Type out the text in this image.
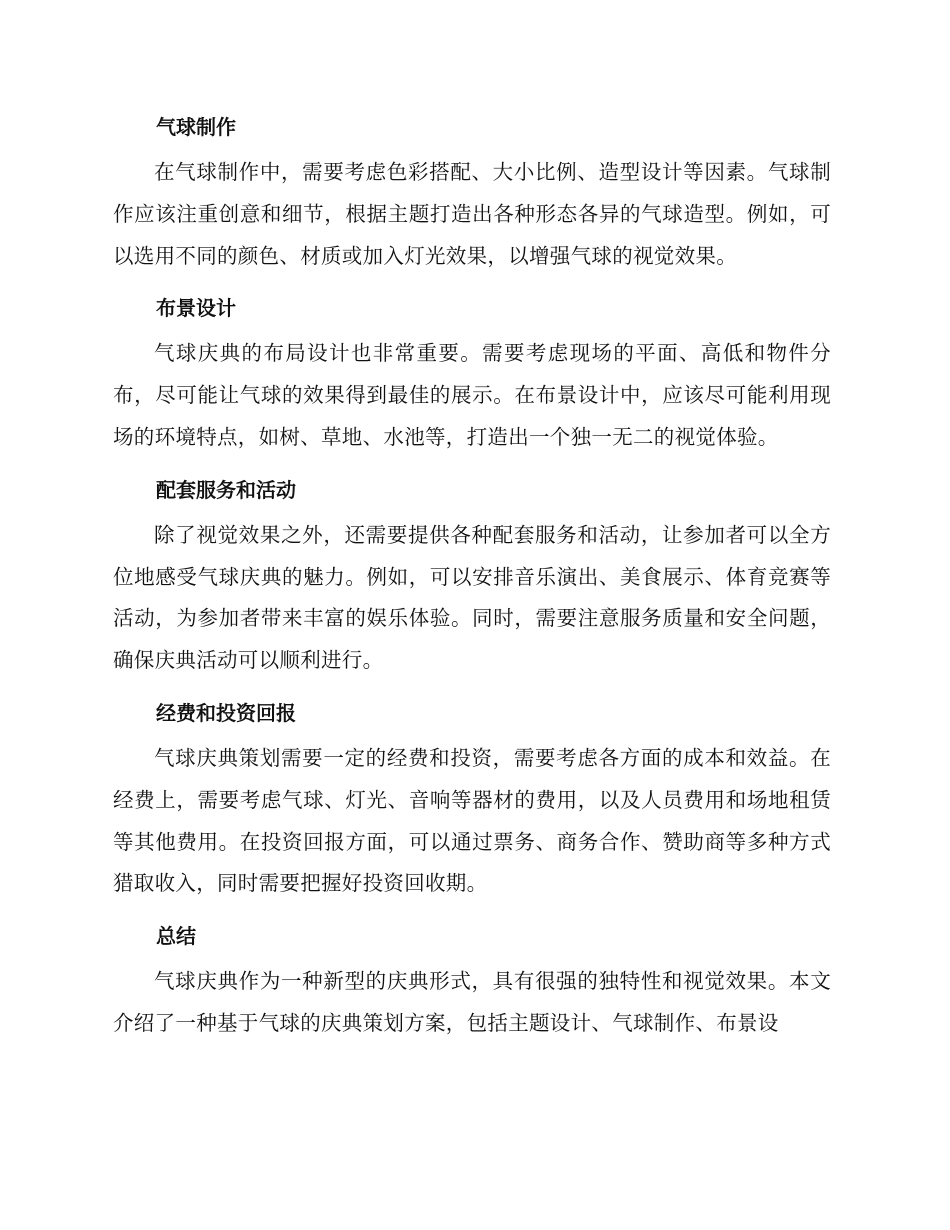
气球制作

在气球制作中，需要考虑色彩搭配、大小比例、造型设计等因素。气球制作应该注重创意和细节，根据主题打造出各种形态各异的气球造型。例如，可以选用不同的颜色、材质或加入灯光效果，以增强气球的视觉效果。

布景设计

气球庆典的布局设计也非常重要。需要考虑现场的平面、高低和物件分布，尽可能让气球的效果得到最佳的展示。在布景设计中，应该尽可能利用现场的环境特点，如树、草地、水池等，打造出一个独一无二的视觉体验。

配套服务和活动

除了视觉效果之外，还需要提供各种配套服务和活动，让参加者可以全方位地感受气球庆典的魅力。例如，可以安排音乐演出、美食展示、体育竞赛等活动，为参加者带来丰富的娱乐体验。同时，需要注意服务质量和安全问题，确保庆典活动可以顺利进行。

经费和投资回报

气球庆典策划需要一定的经费和投资，需要考虑各方面的成本和效益。在经费上，需要考虑气球、灯光、音响等器材的费用，以及人员费用和场地租赁等其他费用。在投资回报方面，可以通过票务、商务合作、赞助商等多种方式猎取收入，同时需要把握好投资回收期。

总结

气球庆典作为一种新型的庆典形式，具有很强的独特性和视觉效果。本文介绍了一种基于气球的庆典策划方案，包括主题设计、气球制作、布景设
